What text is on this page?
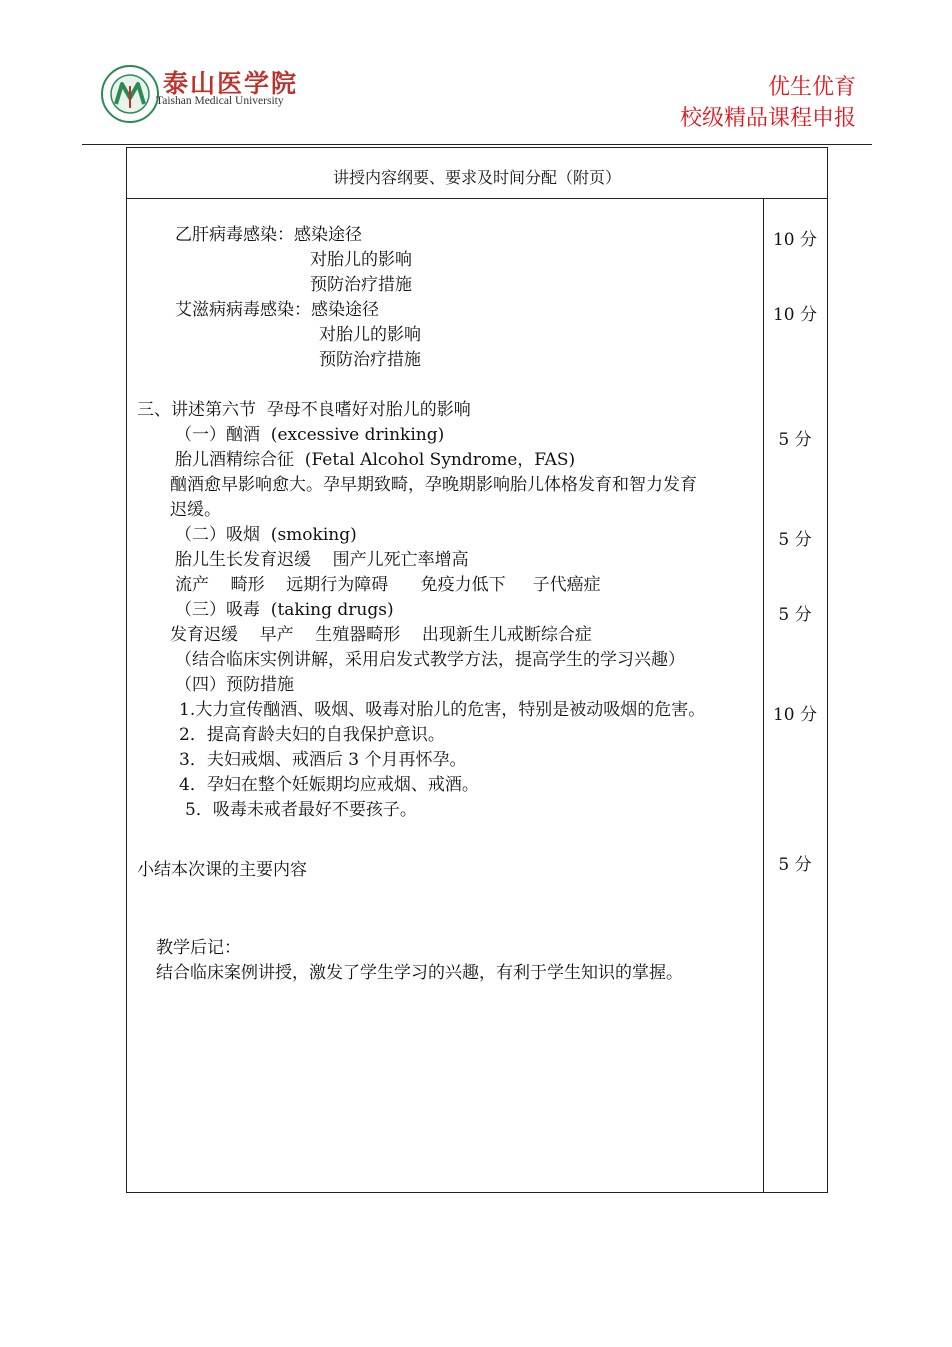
泰山医学院
Taishan Medical University
优生优育
校级精品课程申报
讲授内容纲要、要求及时间分配（附页）
乙肝病毒感染：感染途径
对胎儿的影响
预防治疗措施
艾滋病病毒感染：感染途径
对胎儿的影响
预防治疗措施
三、讲述第六节  孕母不良嗜好对胎儿的影响
（一）酗酒  (excessive drinking)
胎儿酒精综合征  (Fetal Alcohol Syndrome，FAS)
酗酒愈早影响愈大。孕早期致畸，孕晚期影响胎儿体格发育和智力发育
迟缓。
（二）吸烟  (smoking)
胎儿生长发育迟缓    围产儿死亡率增高
流产    畸形    远期行为障碍      免疫力低下     子代癌症
（三）吸毒  (taking drugs)
发育迟缓    早产    生殖器畸形    出现新生儿戒断综合症
（结合临床实例讲解，采用启发式教学方法，提高学生的学习兴趣）
（四）预防措施
1.大力宣传酗酒、吸烟、吸毒对胎儿的危害，特别是被动吸烟的危害。
2．提高育龄夫妇的自我保护意识。
3．夫妇戒烟、戒酒后 3 个月再怀孕。
4．孕妇在整个妊娠期均应戒烟、戒酒。
5．吸毒未戒者最好不要孩子。
小结本次课的主要内容
教学后记：
结合临床案例讲授，激发了学生学习的兴趣，有利于学生知识的掌握。
10 分
10 分
5 分
5 分
5 分
10 分
5 分
